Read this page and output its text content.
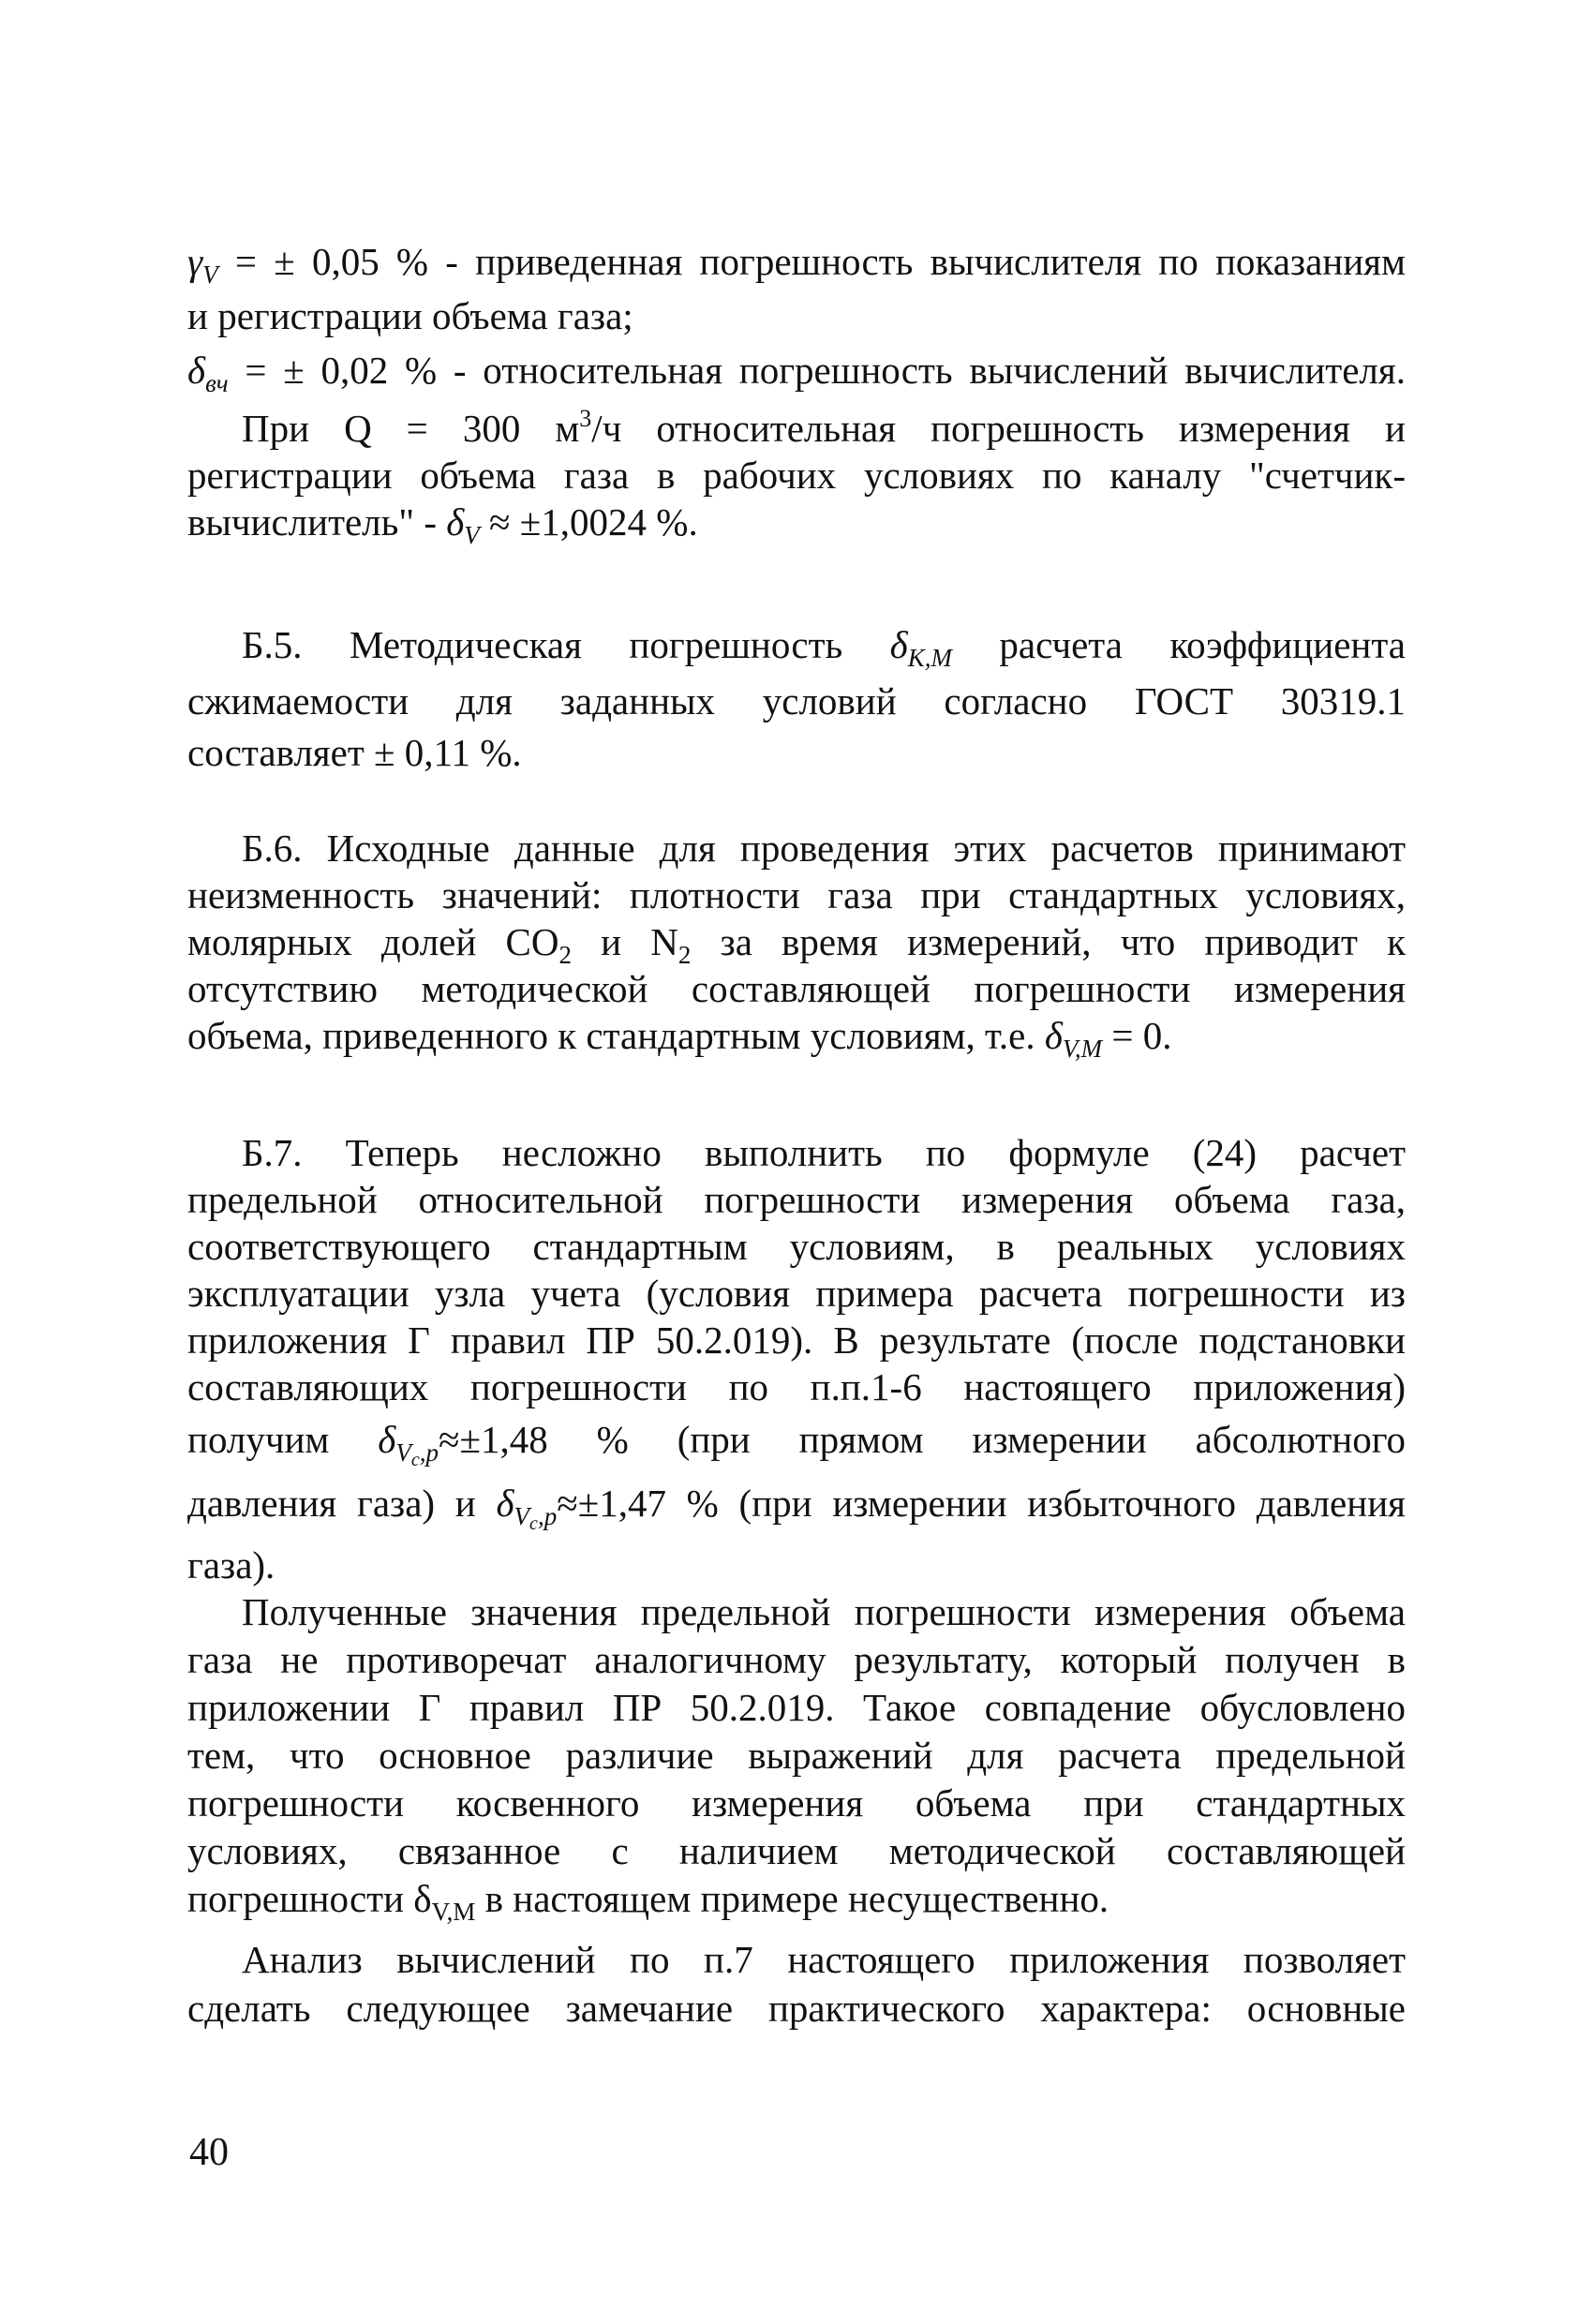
$\gamma_V$ = ± 0,05 % - приведенная погрешность вычислителя по показаниям
и регистрации объема газа;
$\delta_{вч}$ = ± 0,02 % - относительная погрешность вычислений вычислителя.
При Q = 300 $м^3/ч$ относительная погрешность измерения и
регистрации объема газа в рабочих условиях по каналу "счетчик-
вычислитель" - $\delta_V \approx \pm 1,0024$ %.
Б.5. Методическая погрешность $\delta_{K,M}$ расчета коэффициента
сжимаемости для заданных условий согласно ГОСТ 30319.1
составляет ± 0,11 %.
Б.6. Исходные данные для проведения этих расчетов принимают
неизменность значений: плотности газа при стандартных условиях,
молярных долей $CO_2$ и $N_2$ за время измерений, что приводит к
отсутствию методической составляющей погрешности измерения
объема, приведенного к стандартным условиям, т.е. $\delta_{V,M} = 0$.
Б.7. Теперь несложно выполнить по формуле (24) расчет
предельной относительной погрешности измерения объема газа,
соответствующего стандартным условиям, в реальных условиях
эксплуатации узла учета (условия примера расчета погрешности из
приложения Г правил ПР 50.2.019). В результате (после подстановки
составляющих погрешности по п.п.1-6 настоящего приложения)
получим $\delta_{Vc,p}\approx\pm 1,48$ % (при прямом измерении абсолютного
давления газа) и $\delta_{Vc,p}\approx\pm 1,47$ % (при измерении избыточного давления
газа).
Полученные значения предельной погрешности измерения объема
газа не противоречат аналогичному результату, который получен в
приложении Г правил ПР 50.2.019. Такое совпадение обусловлено
тем, что основное различие выражений для расчета предельной
погрешности косвенного измерения объема при стандартных
условиях, связанное с наличием методической составляющей
погрешности $\delta_{V,M}$ в настоящем примере несущественно.
Анализ вычислений по п.7 настоящего приложения позволяет
сделать следующее замечание практического характера: основные
40
